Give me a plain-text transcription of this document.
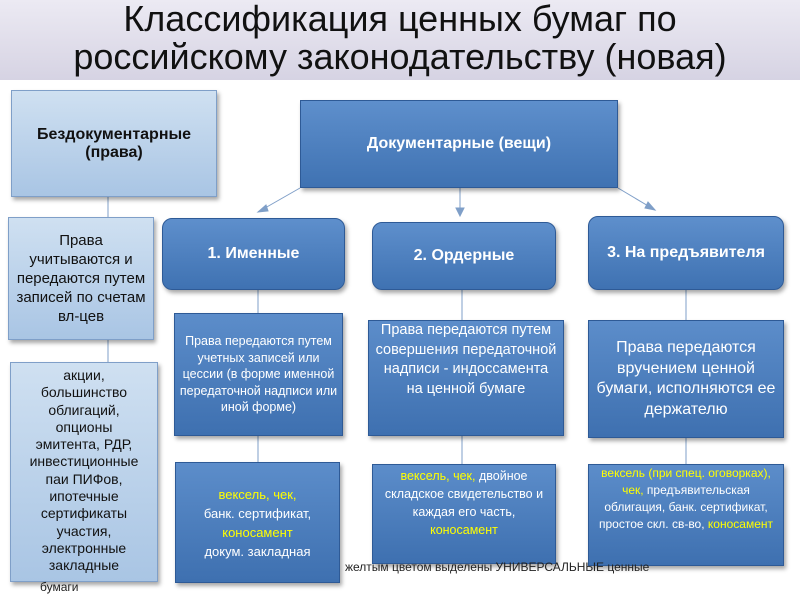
Классификация ценных бумаг по
российскому законодательству (новая)
Бездокументарные (права)
Права учитываются и передаются путем записей по счетам вл-цев
акции,
большинство
облигаций,
опционы
эмитента, РДР,
инвестиционные
паи ПИФов,
ипотечные
сертификаты
участия,
электронные
закладные
бумаги
Документарные (вещи)
1. Именные
Права передаются путем учетных записей или цессии (в форме именной передаточной надписи или иной форме)
вексель, чек,
банк. сертификат,
коносамент
докум. закладная
2. Ордерные
Права передаются путем совершения передаточной надписи - индоссамента на ценной бумаге
вексель, чек, двойное складское свидетельство и каждая его часть, коносамент
3. На предъявителя
Права передаются вручением ценной бумаги, исполняются ее держателю
вексель (при спец. оговорках), чек, предъявительская облигация, банк. сертификат, простое скл. св-во, коносамент
желтым цветом выделены УНИВЕРСАЛЬНЫЕ ценные
